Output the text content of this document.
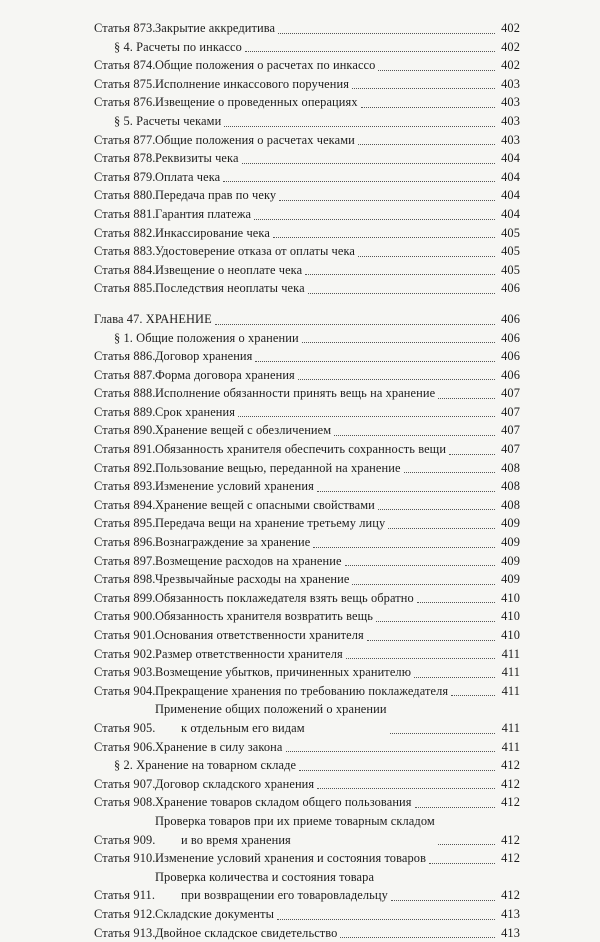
Статья 873. Закрытие аккредитива	402
§ 4. Расчеты по инкассо	402
Статья 874. Общие положения о расчетах по инкассо	402
Статья 875. Исполнение инкассового поручения	403
Статья 876. Извещение о проведенных операциях	403
§ 5. Расчеты чеками	403
Статья 877. Общие положения о расчетах чеками	403
Статья 878. Реквизиты чека	404
Статья 879. Оплата чека	404
Статья 880. Передача прав по чеку	404
Статья 881. Гарантия платежа	404
Статья 882. Инкассирование чека	405
Статья 883. Удостоверение отказа от оплаты чека	405
Статья 884. Извещение о неоплате чека	405
Статья 885. Последствия неоплаты чека	406
Глава 47. ХРАНЕНИЕ	406
§ 1. Общие положения о хранении	406
Статья 886. Договор хранения	406
Статья 887. Форма договора хранения	406
Статья 888. Исполнение обязанности принять вещь на хранение	407
Статья 889. Срок хранения	407
Статья 890. Хранение вещей с обезличением	407
Статья 891. Обязанность хранителя обеспечить сохранность вещи	407
Статья 892. Пользование вещью, переданной на хранение	408
Статья 893. Изменение условий хранения	408
Статья 894. Хранение вещей с опасными свойствами	408
Статья 895. Передача вещи на хранение третьему лицу	409
Статья 896. Вознаграждение за хранение	409
Статья 897. Возмещение расходов на хранение	409
Статья 898. Чрезвычайные расходы на хранение	409
Статья 899. Обязанность поклажедателя взять вещь обратно	410
Статья 900. Обязанность хранителя возвратить вещь	410
Статья 901. Основания ответственности хранителя	410
Статья 902. Размер ответственности хранителя	411
Статья 903. Возмещение убытков, причиненных хранителю	411
Статья 904. Прекращение хранения по требованию поклажедателя	411
Статья 905.
Применение общих положений о хранении
к отдельным его видам	411
Статья 906. Хранение в силу закона	411
§ 2. Хранение на товарном складе	412
Статья 907. Договор складского хранения	412
Статья 908. Хранение товаров складом общего пользования	412
Статья 909.
Проверка товаров при их приеме товарным складом
и во время хранения	412
Статья 910. Изменение условий хранения и состояния товаров	412
Статья 911.
Проверка количества и состояния товара
при возвращении его товаровладельцу	412
Статья 912. Складские документы	413
Статья 913. Двойное складское свидетельство	413
